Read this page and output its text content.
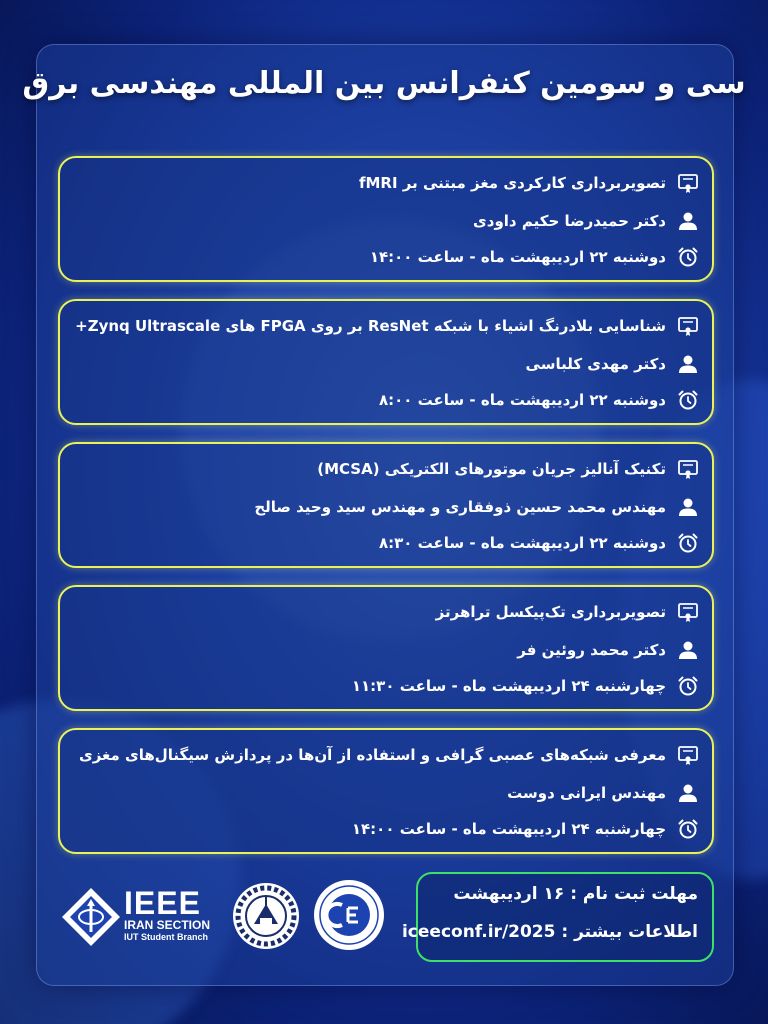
سی و سومین کنفرانس بین المللی مهندسی برق
تصویربرداری کارکردی مغز مبتنی بر fMRI
دکتر حمیدرضا حکیم داودی
دوشنبه ۲۲ اردیبهشت ماه - ساعت ۱۴:۰۰
شناسایی بلادرنگ اشیاء با شبکه ResNet بر روی FPGA های Zynq Ultrascale+
دکتر مهدی کلباسی
دوشنبه ۲۲ اردیبهشت ماه - ساعت ۸:۰۰
تکنیک آنالیز جریان موتورهای الکتریکی (MCSA)
مهندس محمد حسین ذوفقاری و مهندس سید وحید صالح
دوشنبه ۲۲ اردیبهشت ماه - ساعت ۸:۳۰
تصویربرداری تک‌پیکسل تراهرتز
دکتر محمد روئین فر
چهارشنبه ۲۴ اردیبهشت ماه - ساعت ۱۱:۳۰
معرفی شبکه‌های عصبی گرافی و استفاده از آن‌ها در پردازش سیگنال‌های مغزی
مهندس ایرانی دوست
چهارشنبه ۲۴ اردیبهشت ماه - ساعت ۱۴:۰۰
مهلت ثبت نام : ۱۶ اردیبهشت
اطلاعات بیشتر : iceeconf.ir/2025
IEEE
IRAN SECTION
IUT Student Branch
